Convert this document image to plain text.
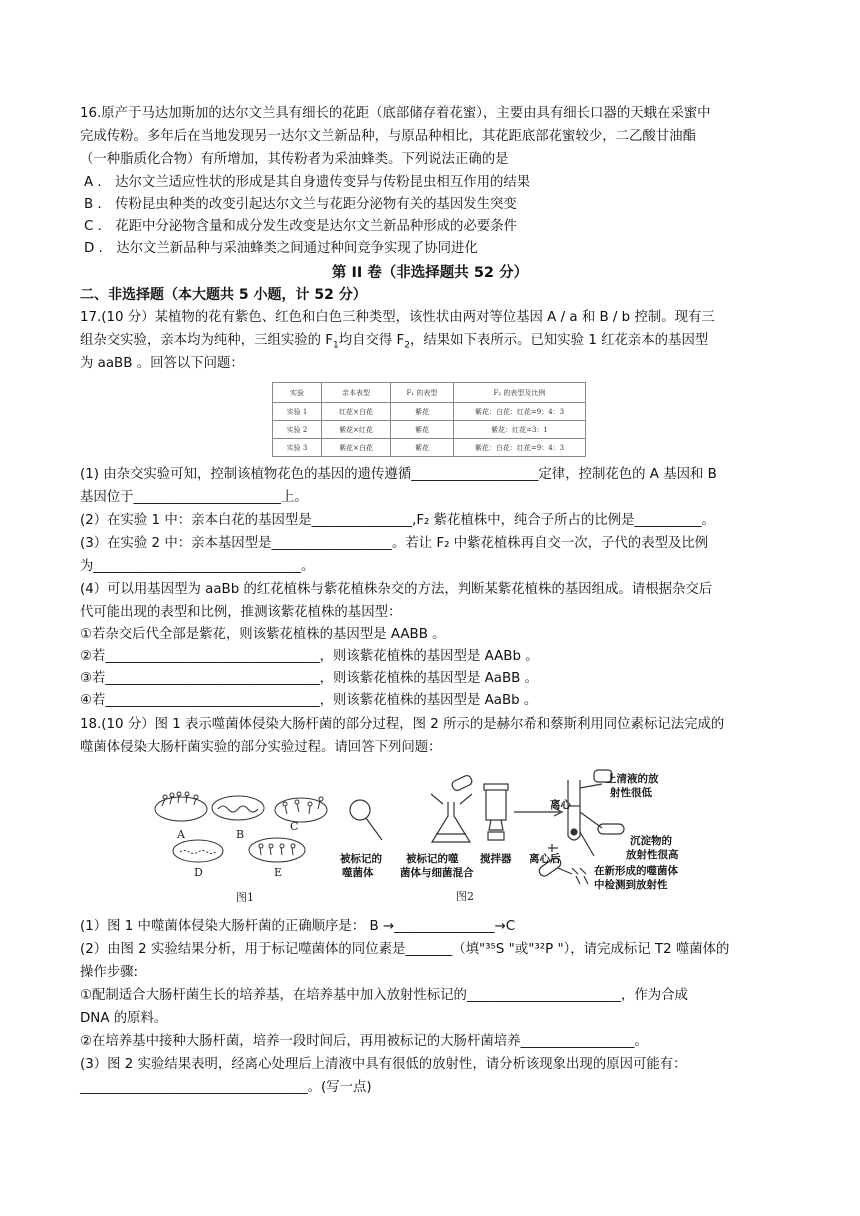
16.原产于马达加斯加的达尔文兰具有细长的花距（底部储存着花蜜），主要由具有细长口器的天蛾在采蜜中
完成传粉。多年后在当地发现另一达尔文兰新品种，与原品种相比，其花距底部花蜜较少，二乙酸甘油酯
（一种脂质化合物）有所增加，其传粉者为采油蜂类。下列说法正确的是
A ． 达尔文兰适应性状的形成是其自身遗传变异与传粉昆虫相互作用的结果
B ． 传粉昆虫种类的改变引起达尔文兰与花距分泌物有关的基因发生突变
C ． 花距中分泌物含量和成分发生改变是达尔文兰新品种形成的必要条件
D ． 达尔文兰新品种与采油蜂类之间通过种间竞争实现了协同进化
第 II 卷（非选择题共 52 分）
二、非选择题（本大题共 5 小题，计 52 分）
17.(10 分）某植物的花有紫色、红色和白色三种类型，该性状由两对等位基因 A / a 和 B / b 控制。现有三
组杂交实验，亲本均为纯种，三组实验的 $F_1$均自交得 $F_2$，结果如下表所示。已知实验 1 红花亲本的基因型
为 aaBB 。回答以下问题：
实验	亲本表型	F₁ 的表型	F₂ 的表型及比例
实验 1	红花×白花	紫花	紫花：白花：红花=9：4：3
实验 2	紫花×红花	紫花	紫花：红花=3：1
实验 3	紫花×白花	紫花	紫花：白花：红花=9：4：3
(1) 由杂交实验可知，控制该植物花色的基因的遗传遵循___________________定律，控制花色的 A 基因和 B
基因位于______________________上。
(2）在实验 1 中：亲本白花的基因型是_______________,F₂ 紫花植株中，纯合子所占的比例是__________。
(3）在实验 2 中：亲本基因型是__________________。若让 F₂ 中紫花植株再自交一次，子代的表型及比例
为_______________________________。
(4）可以用基因型为 aaBb 的红花植株与紫花植株杂交的方法，判断某紫花植株的基因组成。请根据杂交后
代可能出现的表型和比例，推测该紫花植株的基因型：
①若杂交后代全部是紫花，则该紫花植株的基因型是 AABB 。
②若________________________________，则该紫花植株的基因型是 AABb 。
③若________________________________，则该紫花植株的基因型是 AaBB 。
④若________________________________，则该紫花植株的基因型是 AaBb 。
18.(10 分）图 1 表示噬菌体侵染大肠杆菌的部分过程，图 2 所示的是赫尔希和蔡斯利用同位素标记法完成的
噬菌体侵染大肠杆菌实验的部分实验过程。请回答下列问题：
A	B
C
D	E
图1
离心
上清液的放
射性很低
沉淀物的
放射性很高
在新形成的噬菌体
中检测到放射性
被标记的
噬菌体
被标记的噬
菌体与细菌混合
搅拌器 离心后
图2
(1）图 1 中噬菌体侵染大肠杆菌的正确顺序是： B →_______________→C
(2）由图 2 实验结果分析，用于标记噬菌体的同位素是_______（填"³⁵S "或"³²P "），请完成标记 T2 噬菌体的
操作步骤:
①配制适合大肠杆菌生长的培养基，在培养基中加入放射性标记的_______________________，作为合成
DNA 的原料。
②在培养基中接种大肠杆菌，培养一段时间后，再用被标记的大肠杆菌培养_________________。
(3）图 2 实验结果表明，经离心处理后上清液中具有很低的放射性，请分析该现象出现的原因可能有：
__________________________________。(写一点)
